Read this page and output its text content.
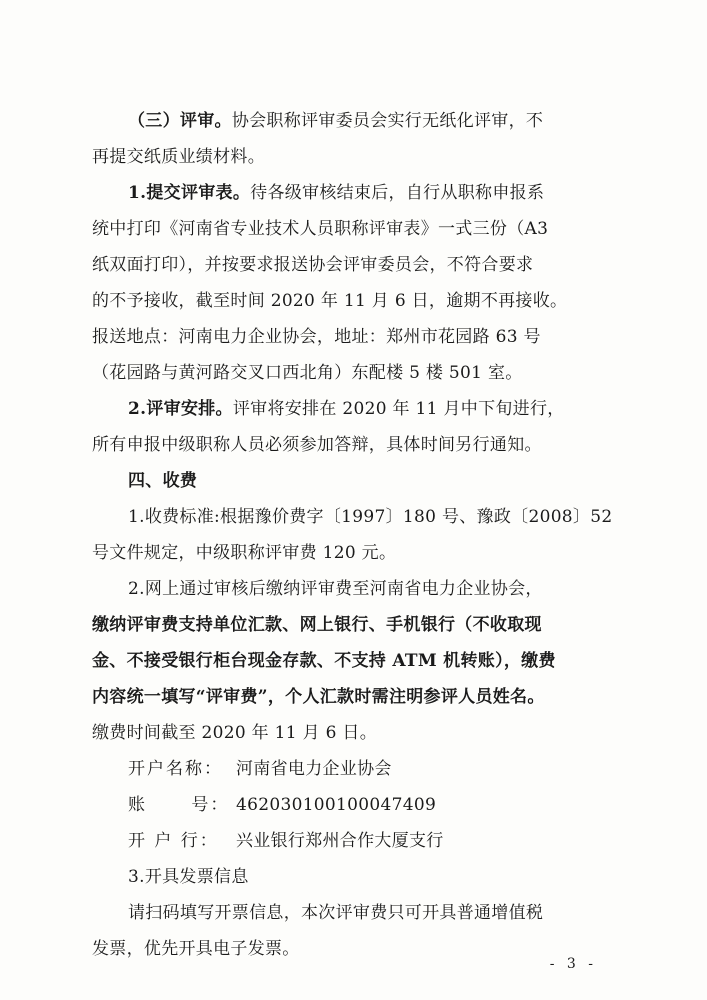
（三）评审。协会职称评审委员会实行无纸化评审，不

再提交纸质业绩材料。

1.提交评审表。待各级审核结束后，自行从职称申报系

统中打印《河南省专业技术人员职称评审表》一式三份（A3

纸双面打印），并按要求报送协会评审委员会，不符合要求

的不予接收，截至时间 2020 年 11 月 6 日，逾期不再接收。

报送地点：河南电力企业协会，地址：郑州市花园路 63 号

（花园路与黄河路交叉口西北角）东配楼 5 楼 501 室。

2.评审安排。评审将安排在 2020 年 11 月中下旬进行，

所有申报中级职称人员必须参加答辩，具体时间另行通知。

四、收费

1.收费标准:根据豫价费字〔1997〕180 号、豫政〔2008〕52

号文件规定，中级职称评审费 120 元。

2.网上通过审核后缴纳评审费至河南省电力企业协会，

缴纳评审费支持单位汇款、网上银行、手机银行（不收取现

金、不接受银行柜台现金存款、不支持 ATM 机转账），缴费

内容统一填写“评审费”，个人汇款时需注明参评人员姓名。

缴费时间截至 2020 年 11 月 6 日。

开户名称： 河南省电力企业协会

账      号： 462030100100047409

开 户 行： 兴业银行郑州合作大厦支行

3.开具发票信息

请扫码填写开票信息，本次评审费只可开具普通增值税

发票，优先开具电子发票。

- 3 -
